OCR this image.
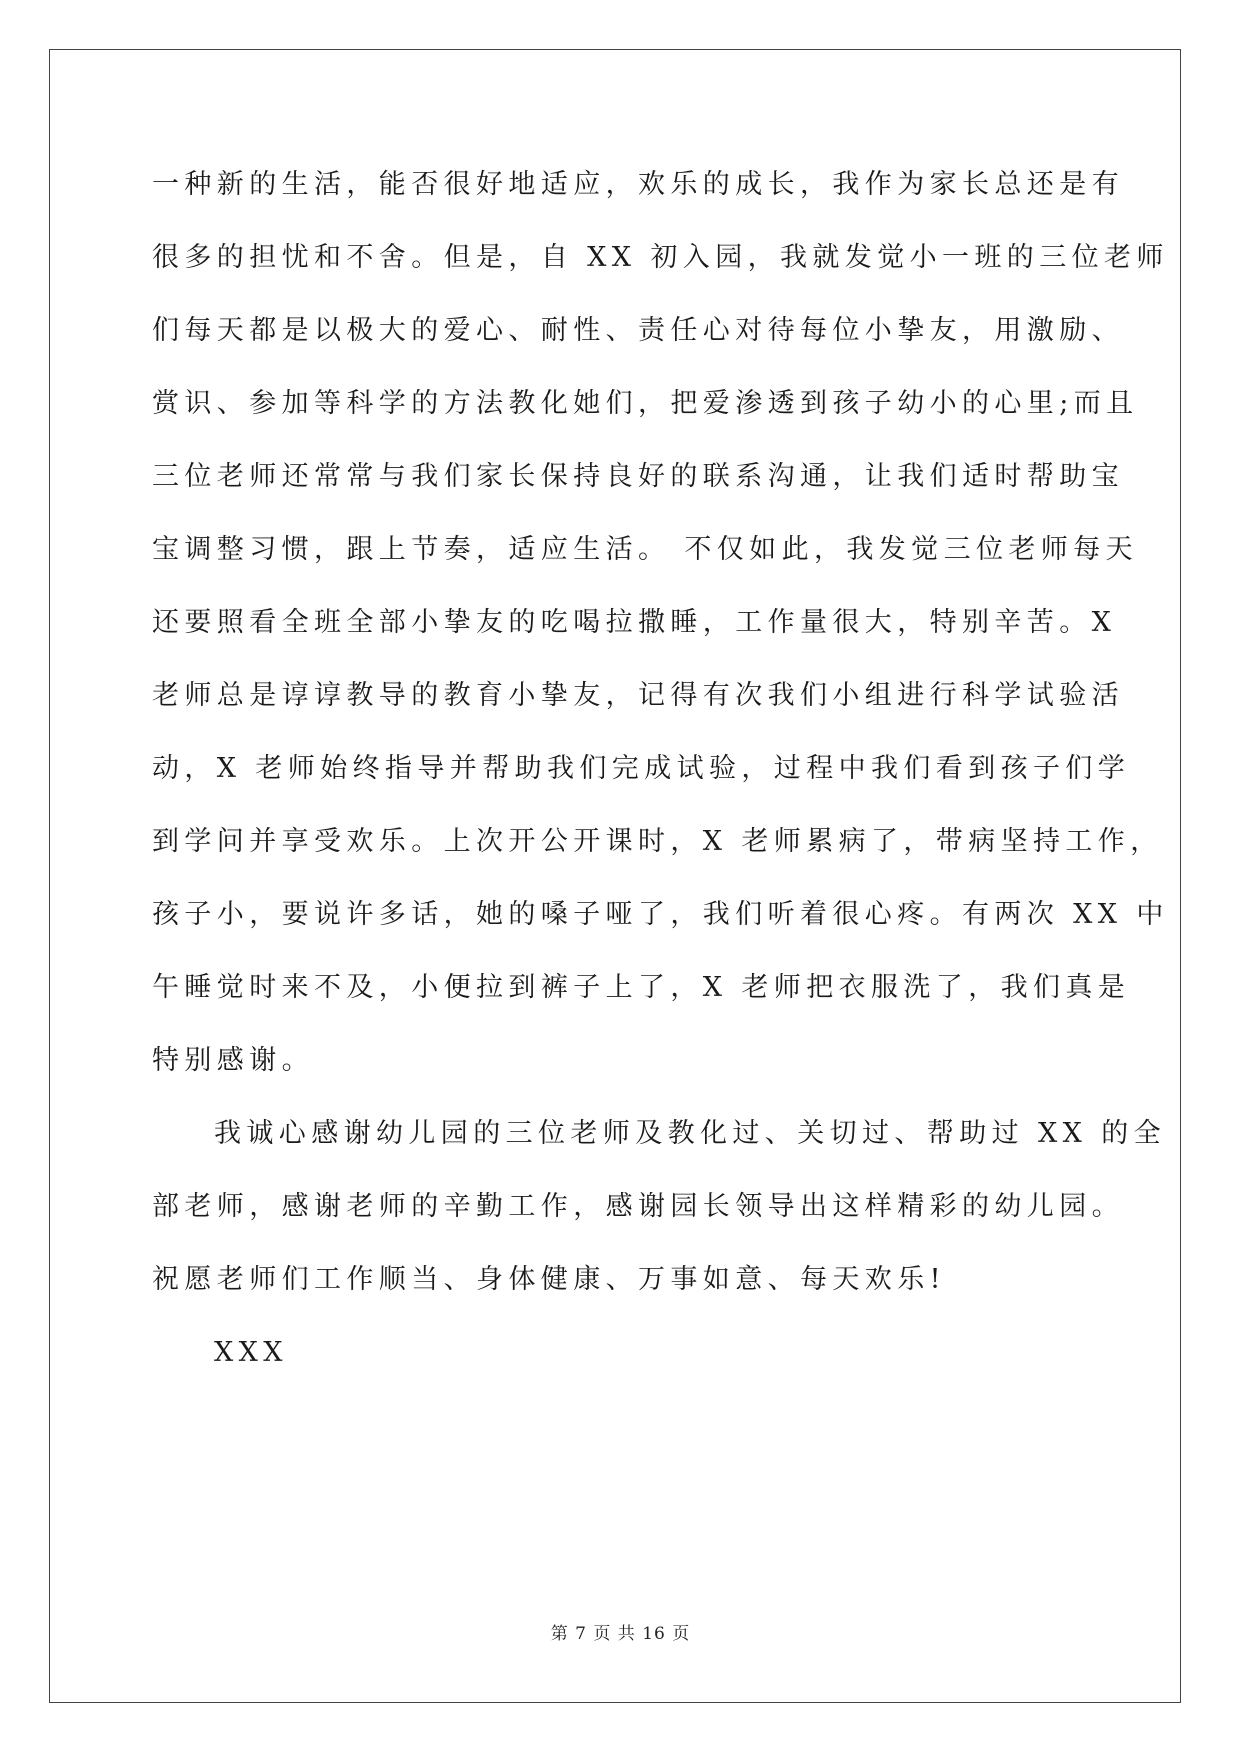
一种新的生活，能否很好地适应，欢乐的成长，我作为家长总还是有
很多的担忧和不舍。但是，自 XX 初入园，我就发觉小一班的三位老师
们每天都是以极大的爱心、耐性、责任心对待每位小挚友，用激励、
赏识、参加等科学的方法教化她们，把爱渗透到孩子幼小的心里;而且
三位老师还常常与我们家长保持良好的联系沟通，让我们适时帮助宝
宝调整习惯，跟上节奏，适应生活。 不仅如此，我发觉三位老师每天
还要照看全班全部小挚友的吃喝拉撒睡，工作量很大，特别辛苦。X
老师总是谆谆教导的教育小挚友，记得有次我们小组进行科学试验活
动，X 老师始终指导并帮助我们完成试验，过程中我们看到孩子们学
到学问并享受欢乐。上次开公开课时，X 老师累病了，带病坚持工作，
孩子小，要说许多话，她的嗓子哑了，我们听着很心疼。有两次 XX 中
午睡觉时来不及，小便拉到裤子上了，X 老师把衣服洗了，我们真是
特别感谢。
我诚心感谢幼儿园的三位老师及教化过、关切过、帮助过 XX 的全
部老师，感谢老师的辛勤工作，感谢园长领导出这样精彩的幼儿园。
祝愿老师们工作顺当、身体健康、万事如意、每天欢乐!
XXX
第 7 页 共 16 页
